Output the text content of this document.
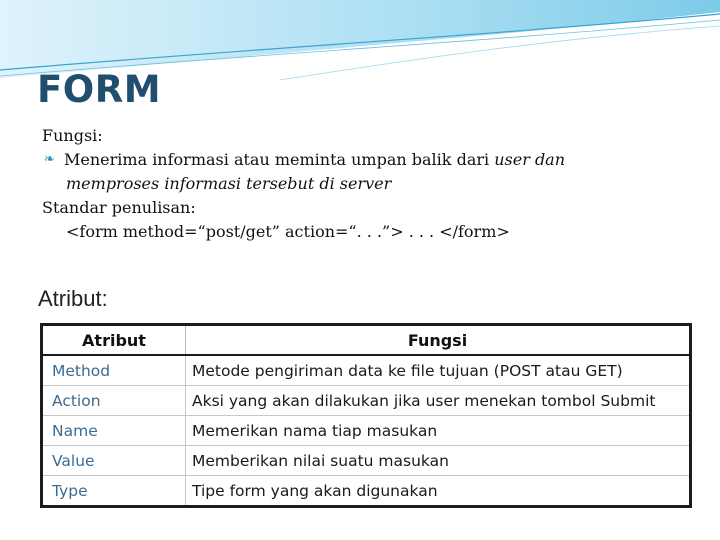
FORM
Fungsi:
❧ Menerima informasi atau meminta umpan balik dari user dan
memproses informasi tersebut di server
Standar penulisan:
<form method=“post/get” action=“. . .”> . . . </form>
Atribut:
Atribut	Fungsi
Method	Metode pengiriman data ke file tujuan (POST atau GET)
Action	Aksi yang akan dilakukan jika user menekan tombol Submit
Name	Memerikan nama tiap masukan
Value	Memberikan nilai suatu masukan
Type	Tipe form yang akan digunakan
